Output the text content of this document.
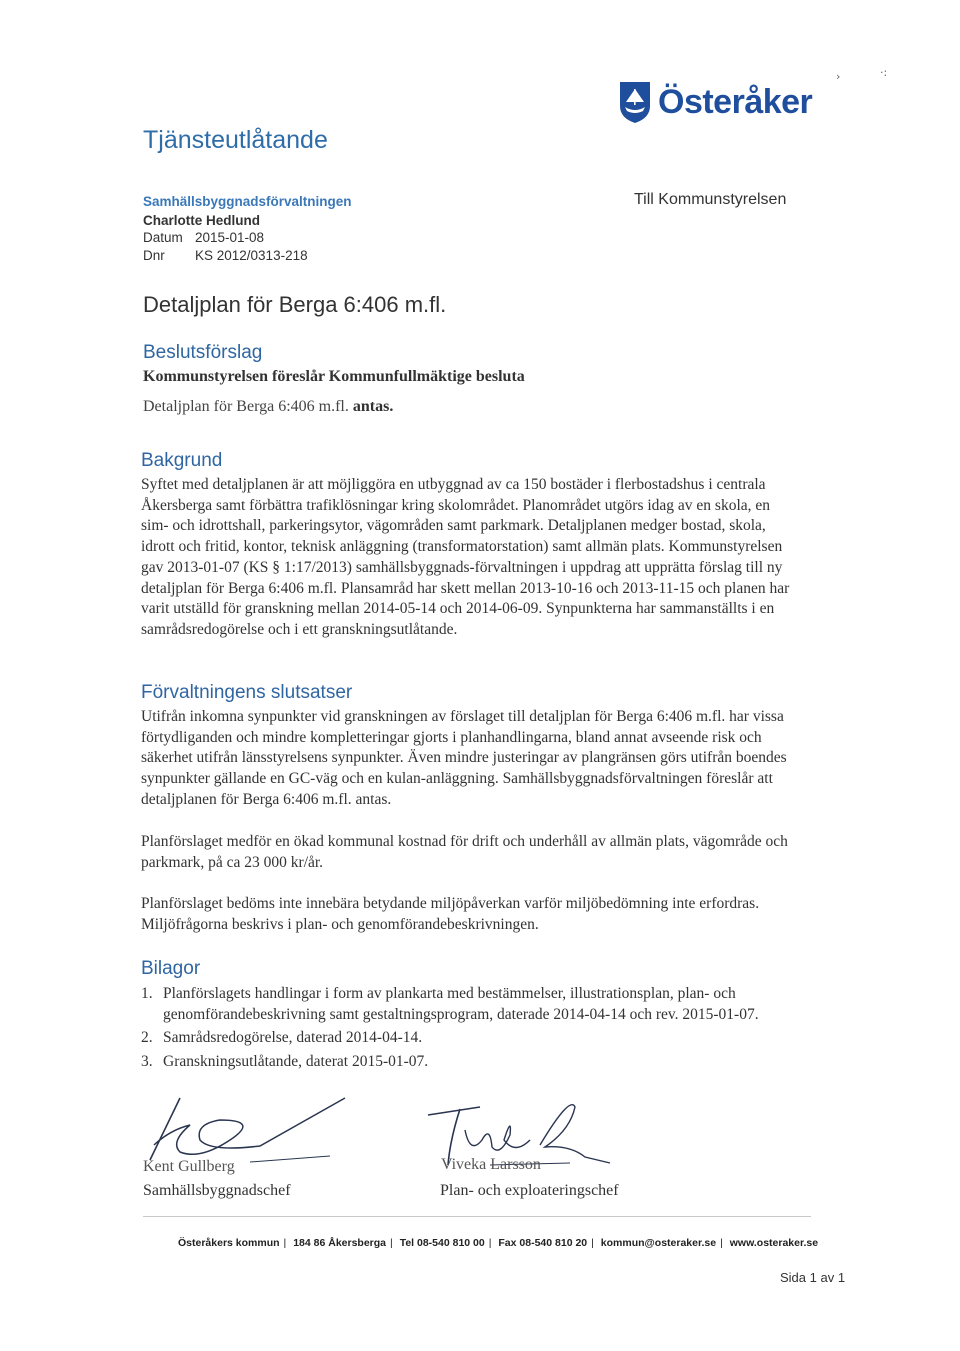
Österåker
›	·:
Tjänsteutlåtande
Samhällsbyggnadsförvaltningen
Charlotte Hedlund
Datum 2015-01-08
Dnr KS 2012/0313-218
Till Kommunstyrelsen
Detaljplan för Berga 6:406 m.fl.
Beslutsförslag
Kommunstyrelsen föreslår Kommunfullmäktige besluta
Detaljplan för Berga 6:406 m.fl. antas.
Bakgrund
Syftet med detaljplanen är att möjliggöra en utbyggnad av ca 150 bostäder i flerbostadshus i centrala Åkersberga samt förbättra trafiklösningar kring skolområdet. Planområdet utgörs idag av en skola, en sim- och idrottshall, parkeringsytor, vägområden samt parkmark. Detaljplanen medger bostad, skola, idrott och fritid, kontor, teknisk anläggning (transformatorstation) samt allmän plats. Kommunstyrelsen gav 2013-01-07 (KS § 1:17/2013) samhällsbyggnads-förvaltningen i uppdrag att upprätta förslag till ny detaljplan för Berga 6:406 m.fl. Plansamråd har skett mellan 2013-10-16 och 2013-11-15 och planen har varit utställd för granskning mellan 2014-05-14 och 2014-06-09. Synpunkterna har sammanställts i en samrådsredogörelse och i ett granskningsutlåtande.
Förvaltningens slutsatser
Utifrån inkomna synpunkter vid granskningen av förslaget till detaljplan för Berga 6:406 m.fl. har vissa förtydliganden och mindre kompletteringar gjorts i planhandlingarna, bland annat avseende risk och säkerhet utifrån länsstyrelsens synpunkter. Även mindre justeringar av plangränsen görs utifrån boendes synpunkter gällande en GC-väg och en kulan-anläggning. Samhällsbyggnadsförvaltningen föreslår att detaljplanen för Berga 6:406 m.fl. antas.
Planförslaget medför en ökad kommunal kostnad för drift och underhåll av allmän plats, vägområde och parkmark, på ca 23 000 kr/år.
Planförslaget bedöms inte innebära betydande miljöpåverkan varför miljöbedömning inte erfordras. Miljöfrågorna beskrivs i plan- och genomförandebeskrivningen.
Bilagor
1. Planförslagets handlingar i form av plankarta med bestämmelser, illustrationsplan, plan- och genomförandebeskrivning samt gestaltningsprogram, daterade 2014-04-14 och rev. 2015-01-07.
2. Samrådsredogörelse, daterad 2014-04-14.
3. Granskningsutlåtande, daterat 2015-01-07.
Kent Gullberg
Samhällsbyggnadschef
Viveka Larsson
Plan- och exploateringschef
Österåkers kommun | 184 86 Åkersberga | Tel 08-540 810 00 | Fax 08-540 810 20 | kommun@osteraker.se | www.osteraker.se
Sida 1 av 1
